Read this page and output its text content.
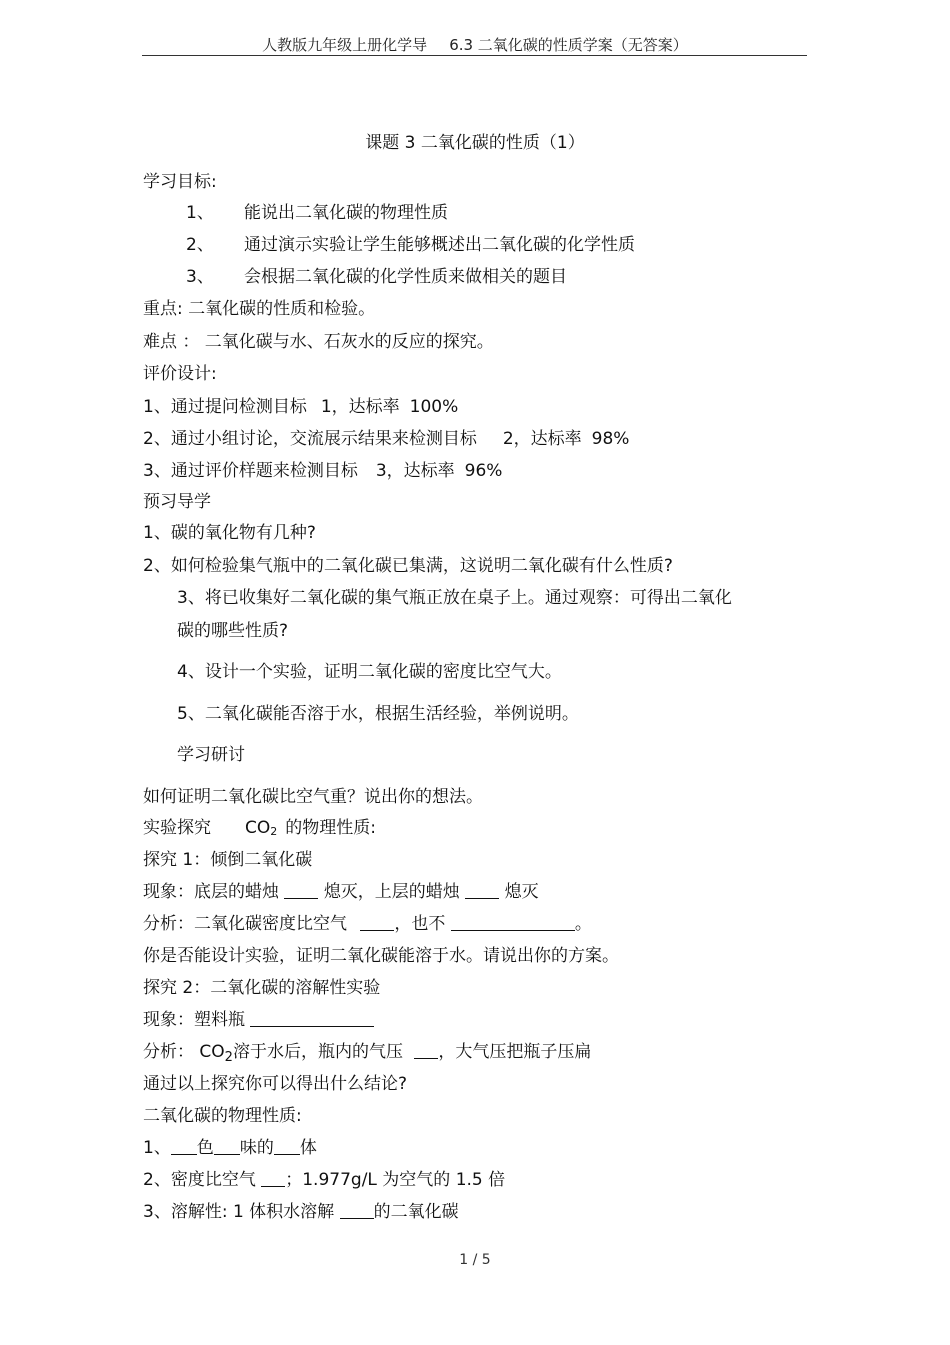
人教版九年级上册化学导 6.3 二氧化碳的性质学案（无答案）
课题 3 二氧化碳的性质（1）
学习目标:
1、 能说出二氧化碳的物理性质
2、 通过演示实验让学生能够概述出二氧化碳的化学性质
3、 会根据二氧化碳的化学性质来做相关的题目
重点: 二氧化碳的性质和检验。
难点 ： 二氧化碳与水、石灰水的反应的探究。
评价设计:
1、通过提问检测目标 1，达标率 100%
2、通过小组讨论，交流展示结果来检测目标 2，达标率 98%
3、通过评价样题来检测目标 3，达标率 96%
预习导学
1、碳的氧化物有几种?
2、如何检验集气瓶中的二氧化碳已集满，这说明二氧化碳有什么性质?
3、将已收集好二氧化碳的集气瓶正放在桌子上。通过观察：可得出二氧化
碳的哪些性质?
4、设计一个实验，证明二氧化碳的密度比空气大。
5、二氧化碳能否溶于水，根据生活经验，举例说明。
学习研讨
如何证明二氧化碳比空气重？说出你的想法。
实验探究 CO2 的物理性质:
探究 1：倾倒二氧化碳
现象：底层的蜡烛	熄灭，上层的蜡烛	熄灭
分析：二氧化碳密度比空气	，也不	。
你是否能设计实验，证明二氧化碳能溶于水。请说出你的方案。
探究 2：二氧化碳的溶解性实验
现象：塑料瓶
分析： $CO_2$溶于水后，瓶内的气压 ，大气压把瓶子压扁
通过以上探究你可以得出什么结论?
二氧化碳的物理性质:
1、 色 味的 体
2、密度比空气 ；1.977g/L 为空气的 1.5 倍
3、溶解性: 1 体积水溶解 的二氧化碳
1 / 5
